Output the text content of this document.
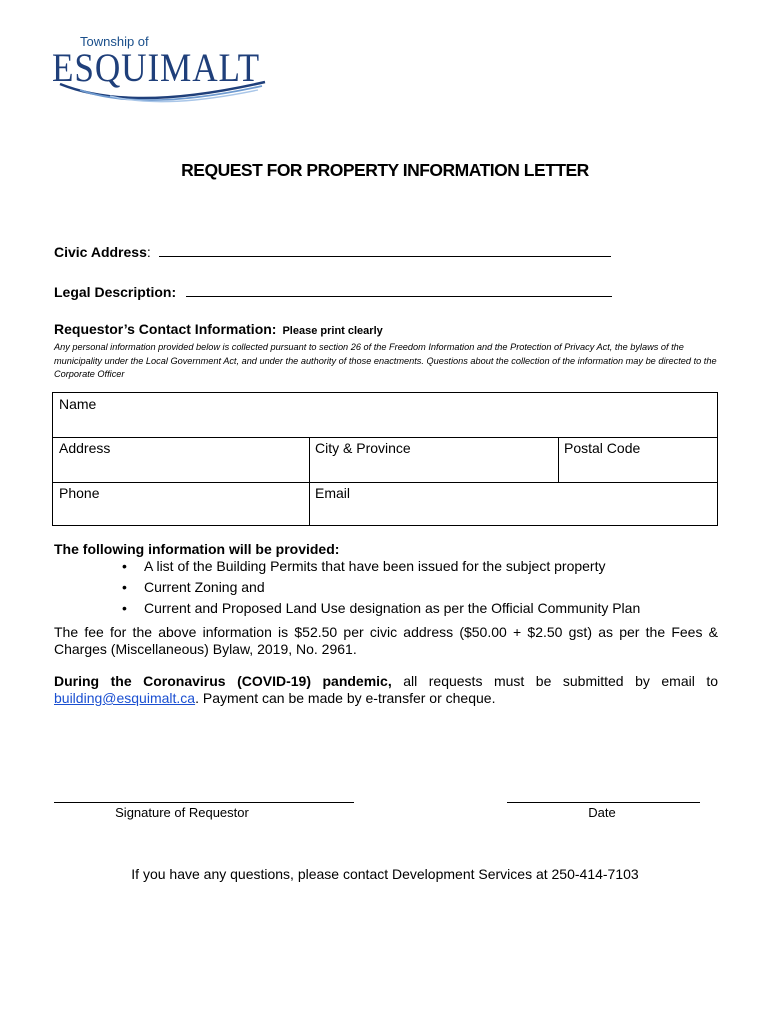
Township of
ESQUIMALT
REQUEST FOR PROPERTY INFORMATION LETTER
Civic Address:
Legal Description:
Requestor’s Contact Information: Please print clearly
Any personal information provided below is collected pursuant to section 26 of the Freedom Information and the Protection of Privacy Act, the bylaws of the municipality under the Local Government Act, and under the authority of those enactments. Questions about the collection of the information may be directed to the Corporate Officer
Name
Address	City & Province	Postal Code
Phone	Email
The following information will be provided:
• A list of the Building Permits that have been issued for the subject property
• Current Zoning and
• Current and Proposed Land Use designation as per the Official Community Plan
The fee for the above information is $52.50 per civic address ($50.00 + $2.50 gst) as per the Fees & Charges (Miscellaneous) Bylaw, 2019, No. 2961.
During the Coronavirus (COVID-19) pandemic, all requests must be submitted by email to building@esquimalt.ca. Payment can be made by e-transfer or cheque.
Signature of Requestor	Date
If you have any questions, please contact Development Services at 250-414-7103
